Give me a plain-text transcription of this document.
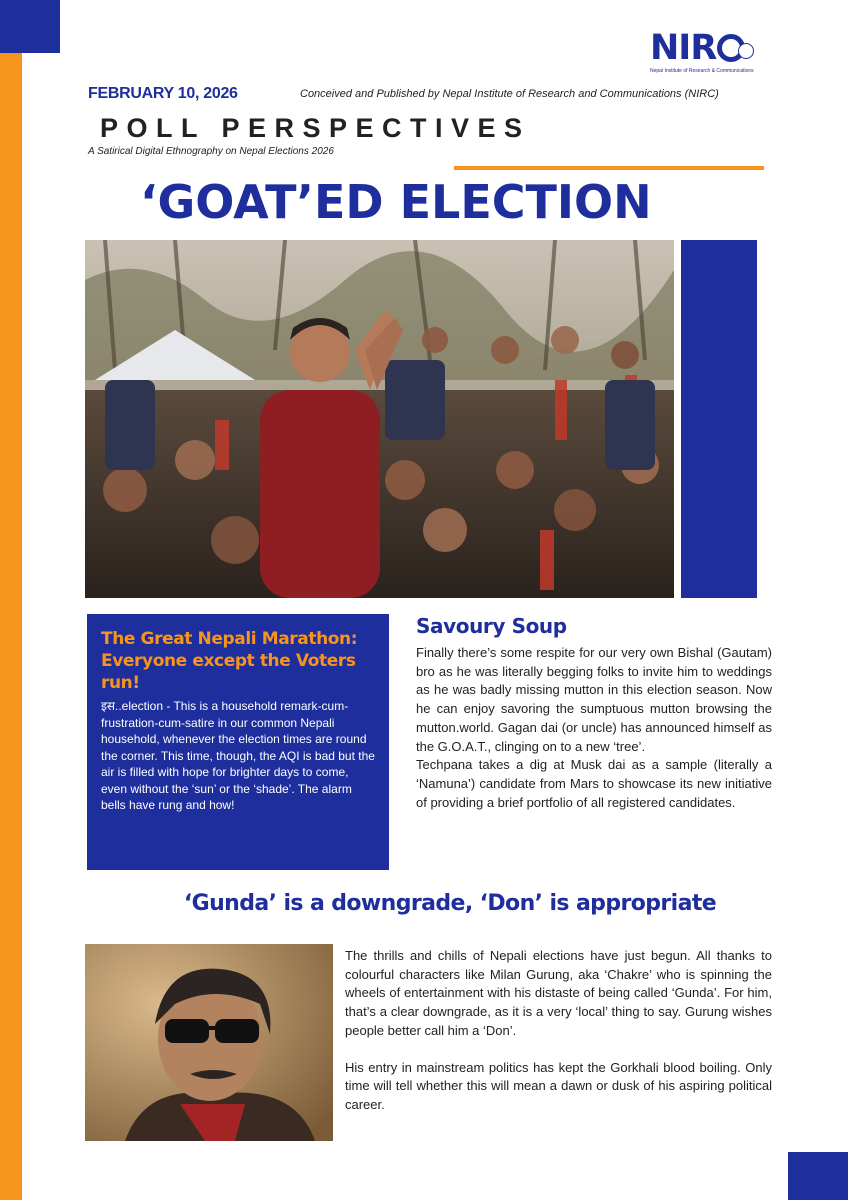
NIR
Nepal Institute of Research & Communications
FEBRUARY 10, 2026	Conceived and Published by Nepal Institute of Research and Communications (NIRC)
POLL PERSPECTIVES
A Satirical Digital Ethnography on Nepal Elections 2026
‘GOAT’ED ELECTION
The Great Nepali Marathon: Everyone except the Voters run!
इस..election - This is a household remark-cum-frustration-cum-satire in our common Nepali household, whenever the election times are round the corner. This time, though, the AQI is bad but the air is filled with hope for brighter days to come, even without the ‘sun’ or the ‘shade’. The alarm bells have rung and how!
Savoury Soup

Finally there’s some respite for our very own Bishal (Gautam) bro as he was literally begging folks to invite him to weddings as he was badly missing mutton in this election season. Now he can enjoy savoring the sumptuous mutton browsing the mutton.world. Gagan dai (or uncle) has announced himself as the G.O.A.T., clinging on to a new ‘tree’.

Techpana takes a dig at Musk dai as a sample (literally a ‘Namuna’) candidate from Mars to showcase its new initiative of providing a brief portfolio of all registered candidates.

‘Gunda’ is a downgrade, ‘Don’ is appropriate

The thrills and chills of Nepali elections have just begun. All thanks to colourful characters like Milan Gurung, aka ‘Chakre’ who is spinning the wheels of entertainment with his distaste of being called ‘Gunda’. For him, that’s a clear downgrade, as it is a very ‘local’ thing to say. Gurung wishes people better call him a ‘Don’.

His entry in mainstream politics has kept the Gorkhali blood boiling. Only time will tell whether this will mean a dawn or dusk of his aspiring political career.
